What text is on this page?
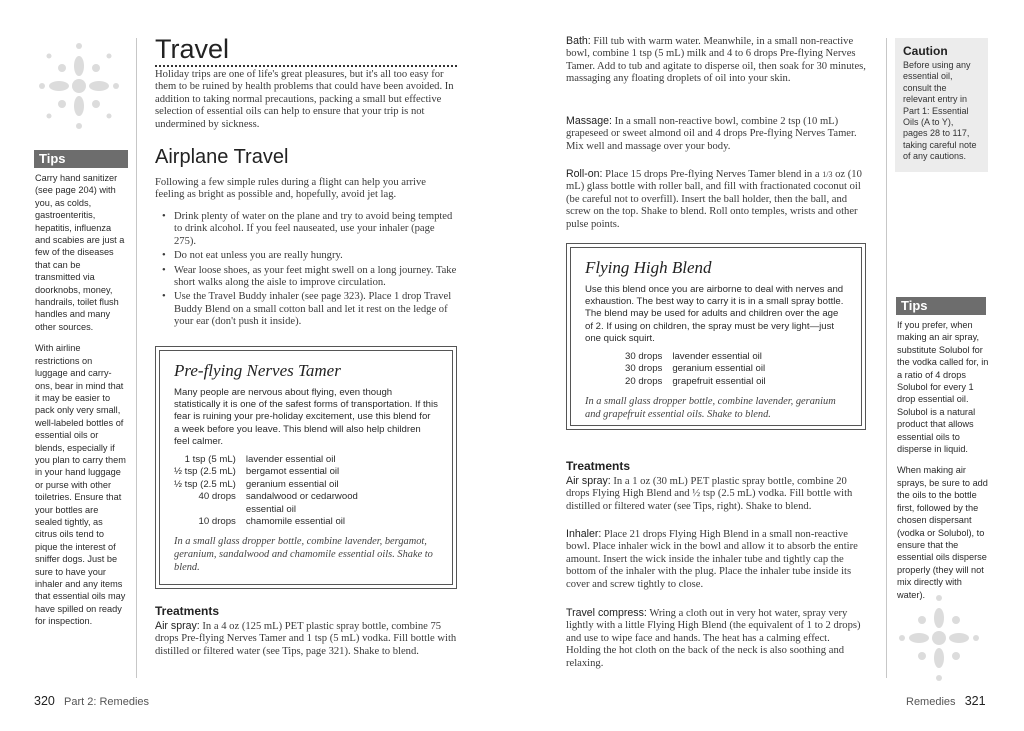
Tips

Carry hand sanitizer (see page 204) with you, as colds, gastroenteritis, hepatitis, influenza and scabies are just a few of the diseases that can be transmitted via doorknobs, money, handrails, toilet flush handles and many other sources.

With airline restrictions on luggage and carry-ons, bear in mind that it may be easier to pack only very small, well-labeled bottles of essential oils or blends, especially if you plan to carry them in your hand luggage or purse with other toiletries. Ensure that your bottles are sealed tightly, as citrus oils tend to pique the interest of sniffer dogs. Just be sure to have your inhaler and any items that essential oils may have spilled on ready for inspection.

Travel
Holiday trips are one of life's great pleasures, but it's all too easy for them to be ruined by health problems that could have been avoided. In addition to taking normal precautions, packing a small but effective selection of essential oils can help to ensure that your trip is not undermined by sickness.
Airplane Travel
Following a few simple rules during a flight can help you arrive feeling as bright as possible and, hopefully, avoid jet lag.
• Drink plenty of water on the plane and try to avoid being tempted to drink alcohol. If you feel nauseated, use your inhaler (page 275).
• Do not eat unless you are really hungry.
• Wear loose shoes, as your feet might swell on a long journey. Take short walks along the aisle to improve circulation.
• Use the Travel Buddy inhaler (see page 323). Place 1 drop Travel Buddy Blend on a small cotton ball and let it rest on the ledge of your ear (don't push it inside).
Pre-flying Nerves Tamer
Many people are nervous about flying, even though statistically it is one of the safest forms of transportation. If this fear is ruining your pre-holiday excitement, use this blend for a week before you leave. This blend will also help children feel calmer.
1 tsp (5 mL)	lavender essential oil
½ tsp (2.5 mL)	bergamot essential oil
½ tsp (2.5 mL)	geranium essential oil
40 drops	sandalwood or cedarwood essential oil
10 drops	chamomile essential oil
In a small glass dropper bottle, combine lavender, bergamot, geranium, sandalwood and chamomile essential oils. Shake to blend.
Treatments
Air spray: In a 4 oz (125 mL) PET plastic spray bottle, combine 75 drops Pre-flying Nerves Tamer and 1 tsp (5 mL) vodka. Fill bottle with distilled or filtered water (see Tips, page 321). Shake to blend.
320 Part 2: Remedies
Bath: Fill tub with warm water. Meanwhile, in a small non-reactive bowl, combine 1 tsp (5 mL) milk and 4 to 6 drops Pre-flying Nerves Tamer. Add to tub and agitate to disperse oil, then soak for 30 minutes, massaging any floating droplets of oil into your skin.
Massage: In a small non-reactive bowl, combine 2 tsp (10 mL) grapeseed or sweet almond oil and 4 drops Pre-flying Nerves Tamer. Mix well and massage over your body.
Roll-on: Place 15 drops Pre-flying Nerves Tamer blend in a 1/3 oz (10 mL) glass bottle with roller ball, and fill with fractionated coconut oil (be careful not to overfill). Insert the ball holder, then the ball, and screw on the top. Shake to blend. Roll onto temples, wrists and other pulse points.
Flying High Blend
Use this blend once you are airborne to deal with nerves and exhaustion. The best way to carry it is in a small spray bottle. The blend may be used for adults and children over the age of 2. If using on children, the spray must be very light—just one quick squirt.
30 drops	lavender essential oil
30 drops	geranium essential oil
20 drops	grapefruit essential oil
In a small glass dropper bottle, combine lavender, geranium and grapefruit essential oils. Shake to blend.
Treatments
Air spray: In a 1 oz (30 mL) PET plastic spray bottle, combine 20 drops Flying High Blend and ½ tsp (2.5 mL) vodka. Fill bottle with distilled or filtered water (see Tips, right). Shake to blend.
Inhaler: Place 21 drops Flying High Blend in a small non-reactive bowl. Place inhaler wick in the bowl and allow it to absorb the entire amount. Insert the wick inside the inhaler tube and tightly cap the bottom of the inhaler with the plug. Place the inhaler tube inside its cover and screw tightly to close.
Travel compress: Wring a cloth out in very hot water, spray very lightly with a little Flying High Blend (the equivalent of 1 to 2 drops) and use to wipe face and hands. The heat has a calming effect. Holding the hot cloth on the back of the neck is also soothing and relaxing.
Caution
Before using any essential oil, consult the relevant entry in Part 1: Essential Oils (A to Y), pages 28 to 117, taking careful note of any cautions.
Tips

If you prefer, when making an air spray, substitute Solubol for the vodka called for, in a ratio of 4 drops Solubol for every 1 drop essential oil. Solubol is a natural product that allows essential oils to disperse in liquid.

When making air sprays, be sure to add the oils to the bottle first, followed by the chosen dispersant (vodka or Solubol), to ensure that the essential oils disperse properly (they will not mix directly with water).

Remedies 321
